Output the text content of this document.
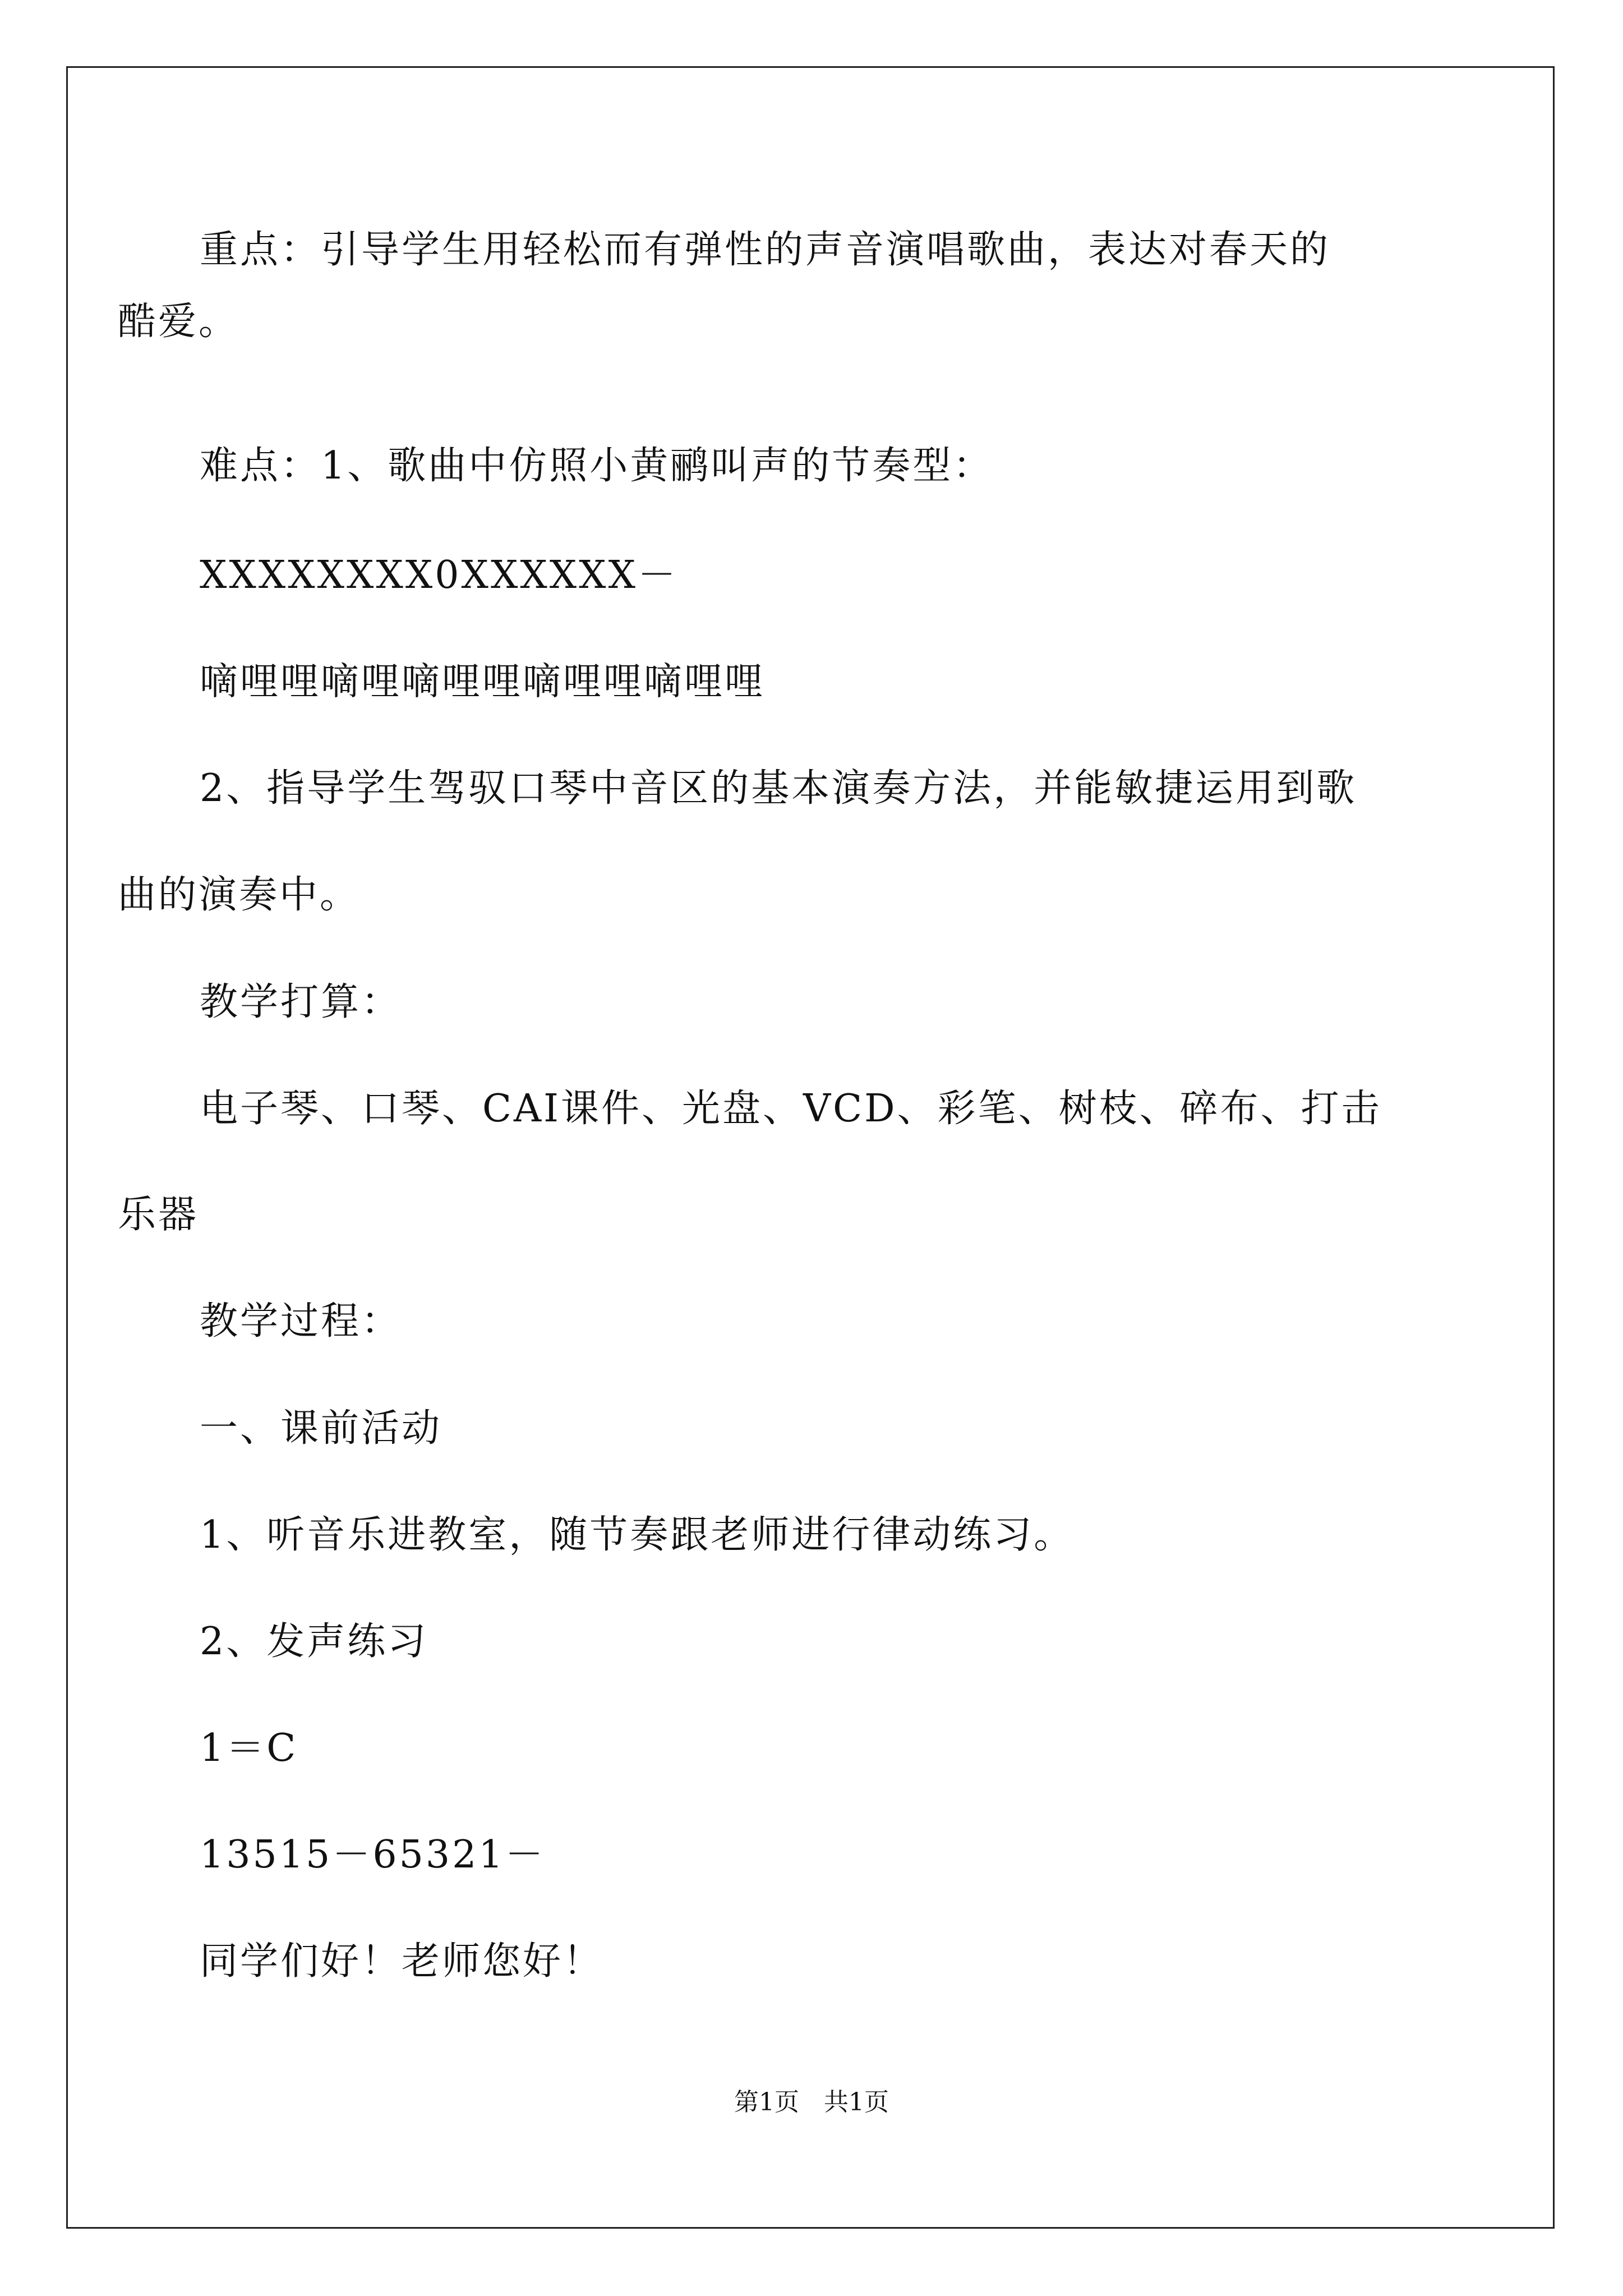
重点：引导学生用轻松而有弹性的声音演唱歌曲，表达对春天的
酷爱。
难点：1、歌曲中仿照小黄鹂叫声的节奏型：
XXXXXXXX0XXXXXX－
嘀哩哩嘀哩嘀哩哩嘀哩哩嘀哩哩
2、指导学生驾驭口琴中音区的基本演奏方法，并能敏捷运用到歌
曲的演奏中。
教学打算：
电子琴、口琴、CAI课件、光盘、VCD、彩笔、树枝、碎布、打击
乐器
教学过程：
一、课前活动
1、听音乐进教室，随节奏跟老师进行律动练习。
2、发声练习
1＝C
13515－65321－
同学们好！老师您好！
第1页　共1页
